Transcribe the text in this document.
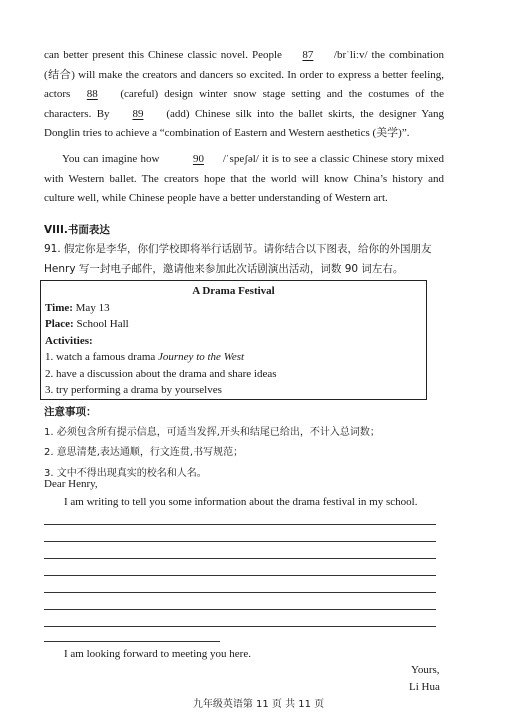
can better present this Chinese classic novel. People 87 /brˈliːv/ the combination (结合) will make the creators and dancers so excited. In order to express a better feeling, actors 88 (careful) design winter snow stage setting and the costumes of the characters. By 89 (add) Chinese silk into the ballet skirts, the designer Yang Donglin tries to achieve a “combination of Eastern and Western aesthetics (美学)”.
You can imagine how	90 /ˈspeʃəl/ it is to see a classic Chinese story mixed with Western ballet. The creators hope that the world will know China’s history and culture well, while Chinese people have a better understanding of Western art.
VIII.书面表达
91. 假定你是李华，你们学校即将举行话剧节。请你结合以下图表，给你的外国朋友 Henry 写一封电子邮件，邀请他来参加此次话剧演出活动，词数 90 词左右。
A Drama Festival
Time: May 13
Place: School Hall
Activities:
1. watch a famous drama Journey to the West
2. have a discussion about the drama and share ideas
3. try performing a drama by yourselves
注意事项：
1. 必须包含所有提示信息，可适当发挥,开头和结尾已给出，不计入总词数；
2. 意思清楚,表达通顺，行文连贯,书写规范；
3. 文中不得出现真实的校名和人名。
Dear Henry,
I am writing to tell you some information about the drama festival in my school.
I am looking forward to meeting you here.
Yours,
Li Hua
九年级英语第 11 页 共 11 页
